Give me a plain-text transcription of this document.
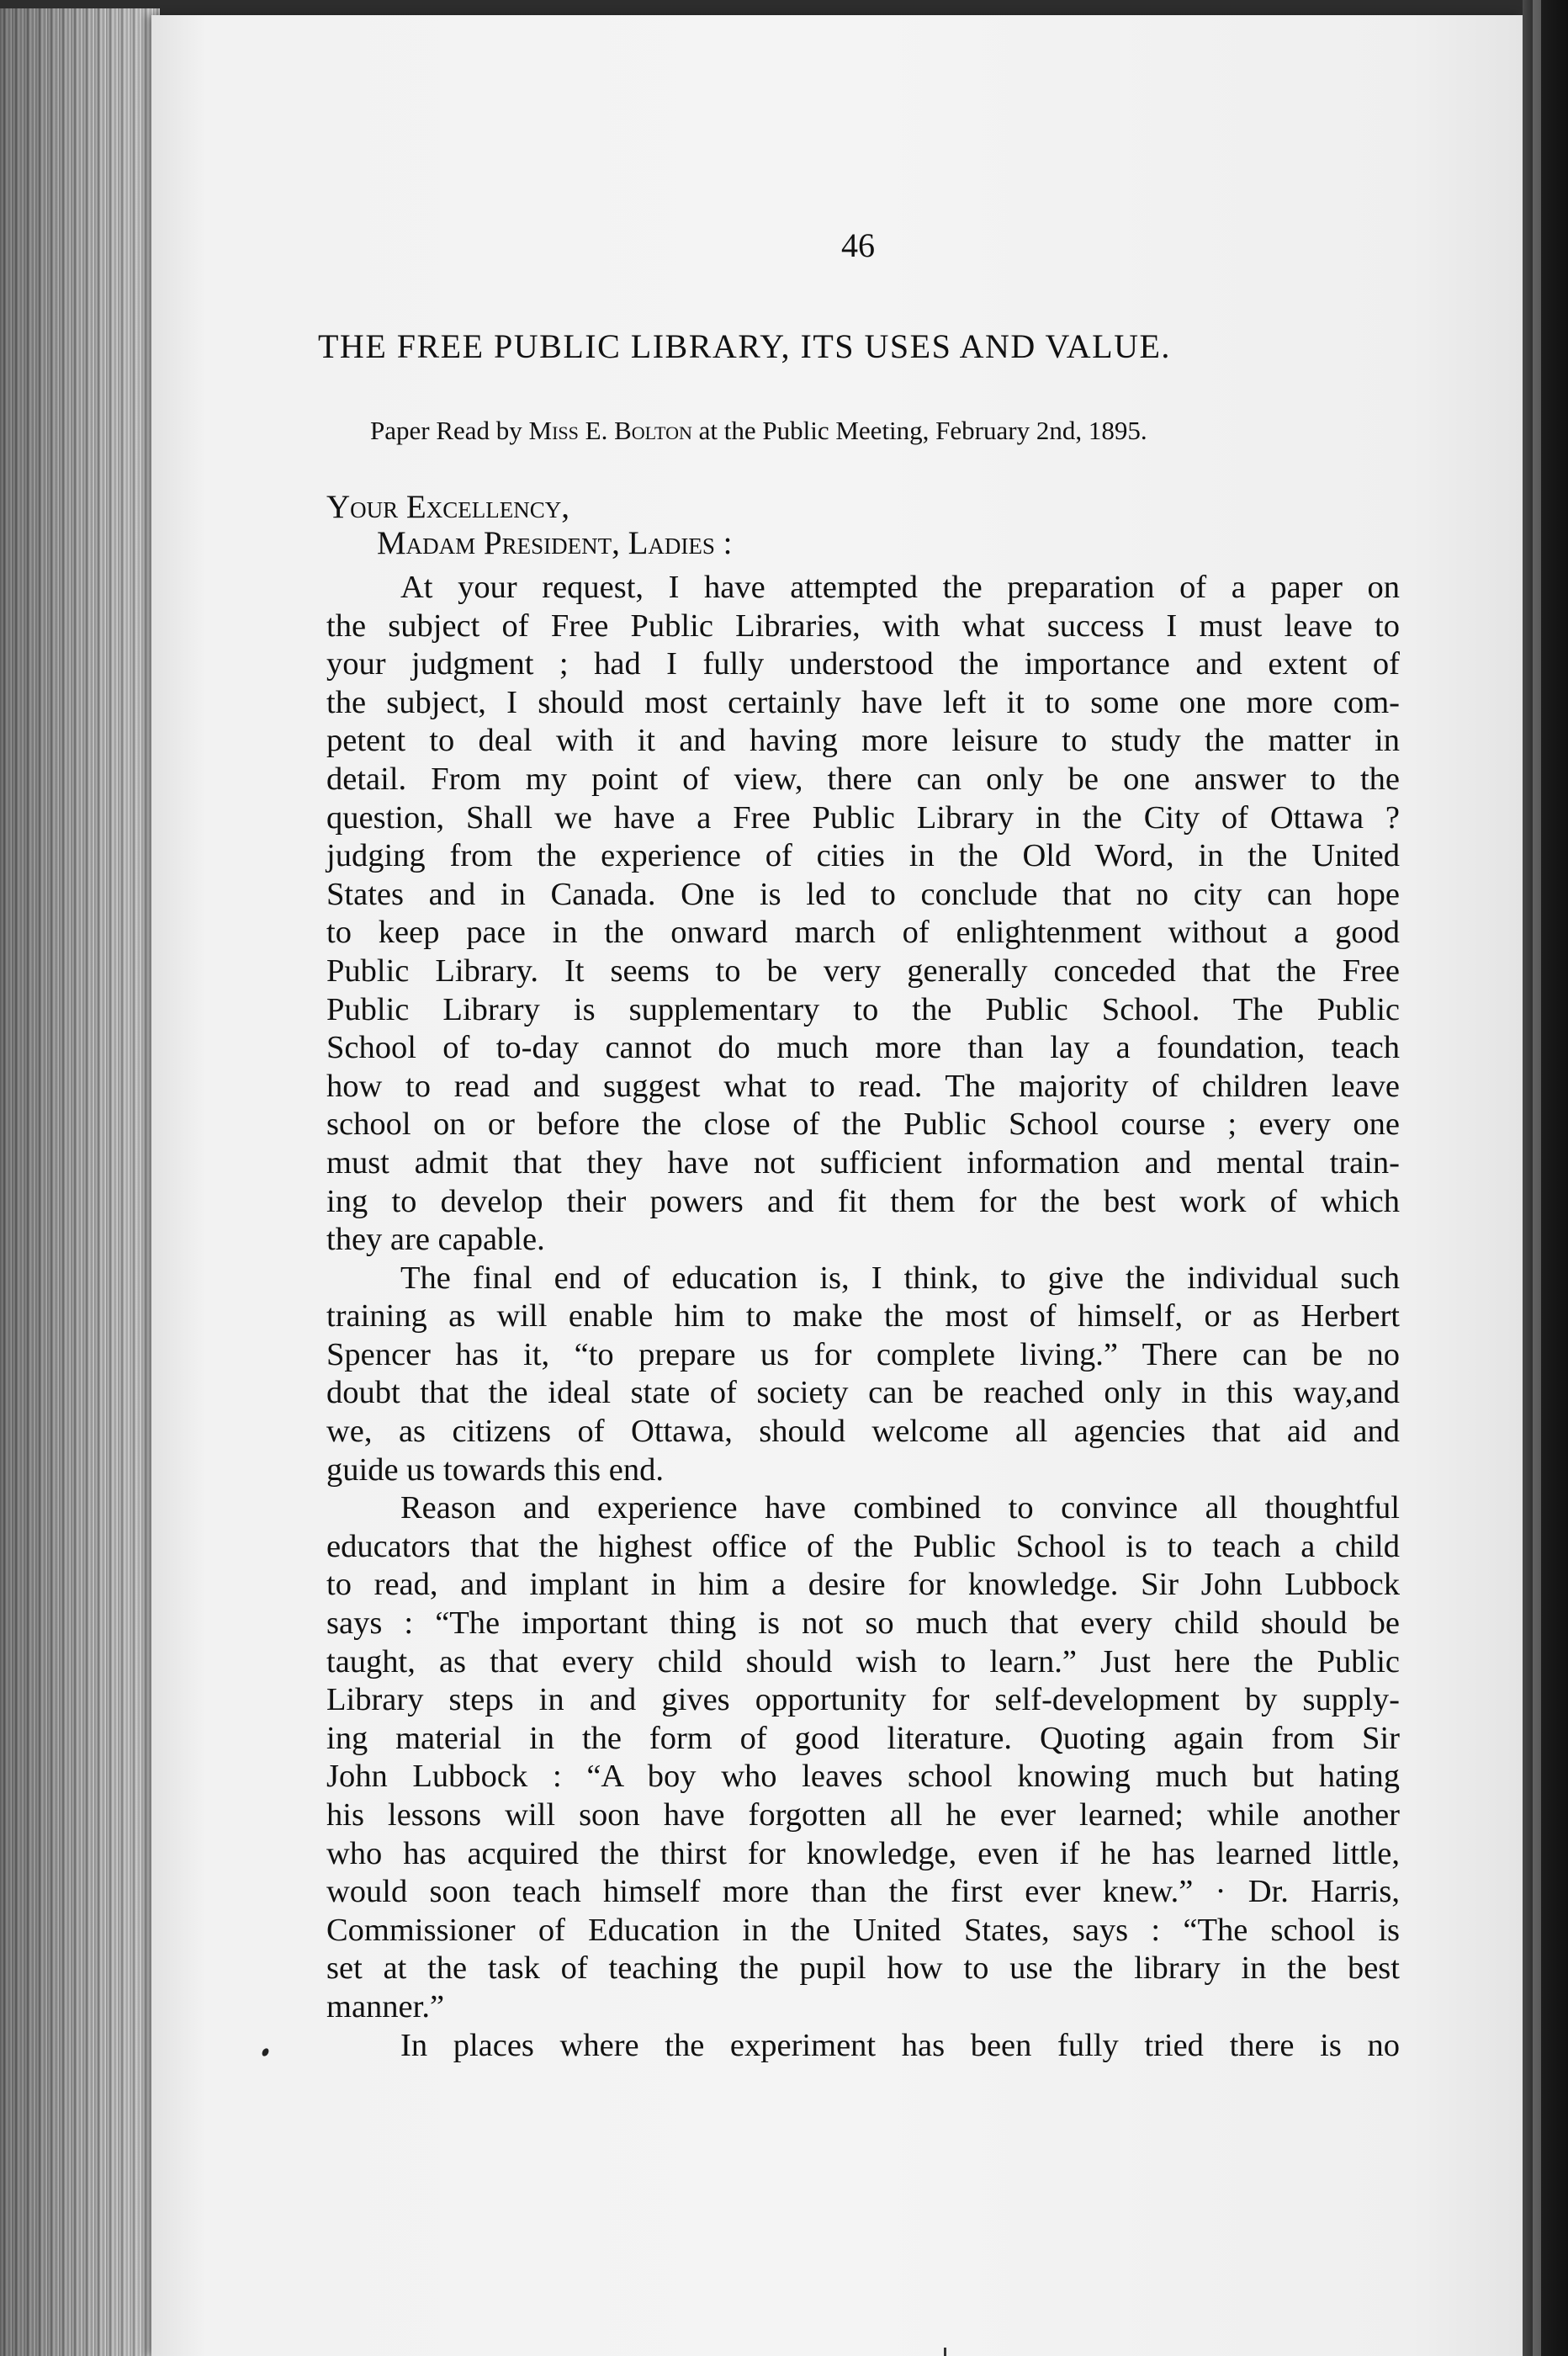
46
THE FREE PUBLIC LIBRARY, ITS USES AND VALUE.
Paper Read by Miss E. Bolton at the Public Meeting, February 2nd, 1895.
Your Excellency,
Madam President, Ladies :
At your request, I have attempted the preparation of a paper on
the subject of Free Public Libraries, with what success I must leave to
your judgment ; had I fully understood the importance and extent of
the subject, I should most certainly have left it to some one more com-
petent to deal with it and having more leisure to study the matter in
detail. From my point of view, there can only be one answer to the
question, Shall we have a Free Public Library in the City of Ottawa ?
judging from the experience of cities in the Old Word, in the United
States and in Canada. One is led to conclude that no city can hope
to keep pace in the onward march of enlightenment without a good
Public Library. It seems to be very generally conceded that the Free
Public Library is supplementary to the Public School. The Public
School of to-day cannot do much more than lay a foundation, teach
how to read and suggest what to read. The majority of children leave
school on or before the close of the Public School course ; every one
must admit that they have not sufficient information and mental train-
ing to develop their powers and fit them for the best work of which
they are capable.
The final end of education is, I think, to give the individual such
training as will enable him to make the most of himself, or as Herbert
Spencer has it, “to prepare us for complete living.” There can be no
doubt that the ideal state of society can be reached only in this way,and
we, as citizens of Ottawa, should welcome all agencies that aid and
guide us towards this end.
Reason and experience have combined to convince all thoughtful
educators that the highest office of the Public School is to teach a child
to read, and implant in him a desire for knowledge. Sir John Lubbock
says : “The important thing is not so much that every child should be
taught, as that every child should wish to learn.” Just here the Public
Library steps in and gives opportunity for self-development by supply-
ing material in the form of good literature. Quoting again from Sir
John Lubbock : “A boy who leaves school knowing much but hating
his lessons will soon have forgotten all he ever learned; while another
who has acquired the thirst for knowledge, even if he has learned little,
would soon teach himself more than the first ever knew.” · Dr. Harris,
Commissioner of Education in the United States, says : “The school is
set at the task of teaching the pupil how to use the library in the best
manner.”
In places where the experiment has been fully tried there is no
